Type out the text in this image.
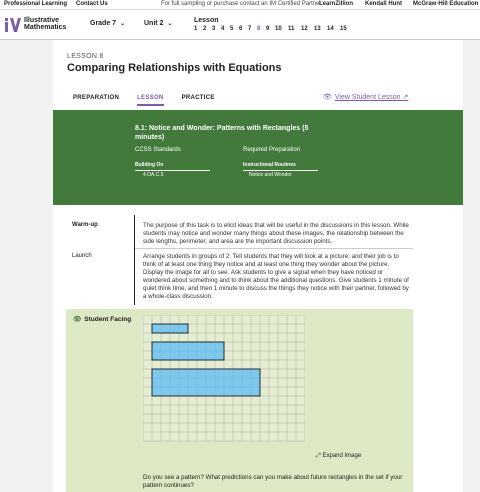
Professional Learning Contact Us	For full sampling or purchase contact an IM Certified Partner:
LearnZillion Kendall Hunt McGraw-Hill Education
Illustrative
Mathematics
Grade 7 ⌄	Unit 2 ⌄	Lesson
1 2 3 4 5 6 7 8 9 10	11	12	13	14	15
LESSON 8
Comparing Relationships with Equations
PREPARATION	LESSON	PRACTICE	👁 View Student Lesson ↗
8.1: Notice and Wonder: Patterns with Rectangles (5 minutes)
CCSS Standards	Required Preparation
Building On	Instructional Routines
4.OA.C.5	Notice and Wonder
Warm-up	The purpose of this task is to elicit ideas that will be useful in the discussions in this lesson. While students may notice and wonder many things about these images, the relationship between the side lengths, perimeter, and area are the important discussion points.
Launch	Arrange students in groups of 2. Tell students that they will look at a picture, and their job is to think of at least one thing they notice and at least one thing they wonder about the picture. Display the image for all to see. Ask students to give a signal when they have noticed or wondered about something and to think about the additional questions. Give students 1 minute of quiet think time, and then 1 minute to discuss the things they notice with their partner, followed by a whole-class discussion.
👁 Student Facing
⤢ Expand Image
Do you see a pattern? What predictions can you make about future rectangles in the set if your pattern continues?
